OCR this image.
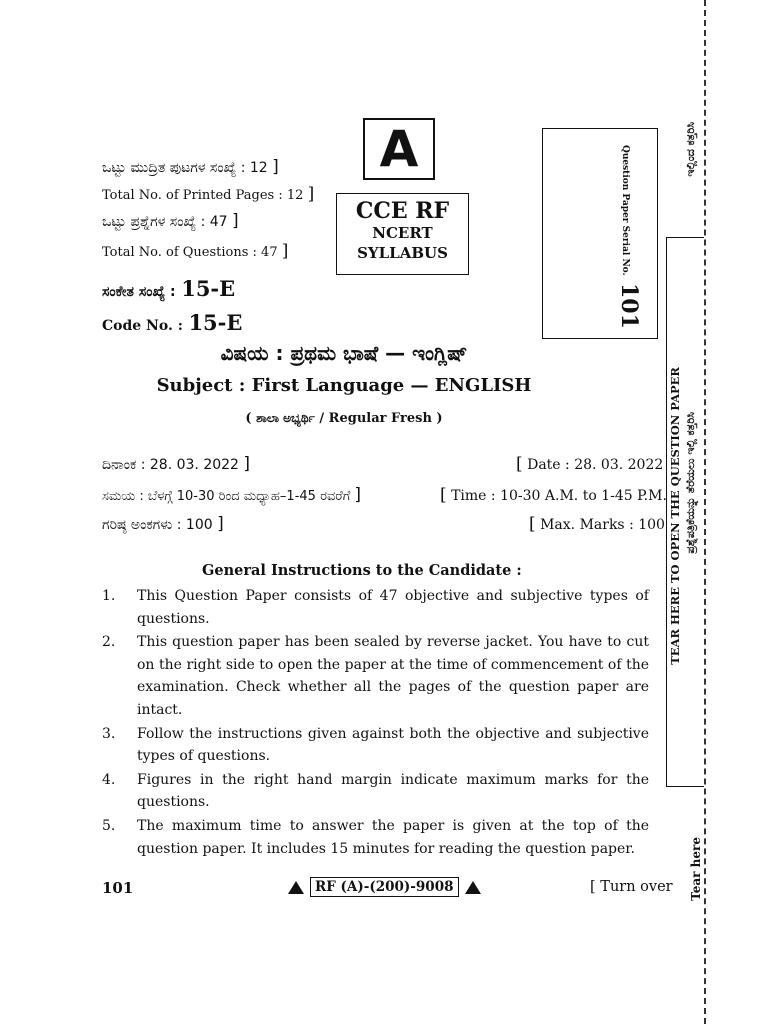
ಒಟ್ಟು ಮುದ್ರಿತ ಪುಟಗಳ ಸಂಖ್ಯೆ : 12 ]
Total No. of Printed Pages : 12 ]
ಒಟ್ಟು ಪ್ರಶ್ನೆಗಳ ಸಂಖ್ಯೆ : 47 ]
Total No. of Questions : 47 ]
ಸಂಕೇತ ಸಂಖ್ಯೆ : 15-E
Code No. : 15-E
A
CCE RF
NCERT
SYLLABUS	Question Paper Serial No.
101
ಇಲ್ಲಿಂದ ಕತ್ತರಿಸಿ
TEAR HERE TO OPEN THE QUESTION PAPER ಪ್ರಶ್ನೆಪತ್ರಿಕೆಯನ್ನು ತೆರೆಯಲು ಇಲ್ಲಿ ಕತ್ತರಿಸಿ
Tear here
ವಿಷಯ : ಪ್ರಥಮ ಭಾಷೆ — ಇಂಗ್ಲಿಷ್
Subject : First Language — ENGLISH
( ಶಾಲಾ ಅಭ್ಯರ್ಥಿ / Regular Fresh )
ದಿನಾಂಕ : 28. 03. 2022 ]	[ Date : 28. 03. 2022
ಸಮಯ : ಬೆಳಗ್ಗೆ 10-30 ರಿಂದ ಮಧ್ಯಾಹ–1-45 ರವರೆಗೆ ]	[ Time : 10-30 A.M. to 1-45 P.M.
ಗರಿಷ್ಠ ಅಂಕಗಳು : 100 ]	[ Max. Marks : 100
General Instructions to the Candidate :
1.	This Question Paper consists of 47 objective and subjective types of questions.
2.	This question paper has been sealed by reverse jacket. You have to cut on the right side to open the paper at the time of commencement of the examination. Check whether all the pages of the question paper are intact.
3.	Follow the instructions given against both the objective and subjective types of questions.
4.	Figures in the right hand margin indicate maximum marks for the questions.
5.	The maximum time to answer the paper is given at the top of the question paper. It includes 15 minutes for reading the question paper.
101	RF (A)-(200)-9008	[ Turn over
